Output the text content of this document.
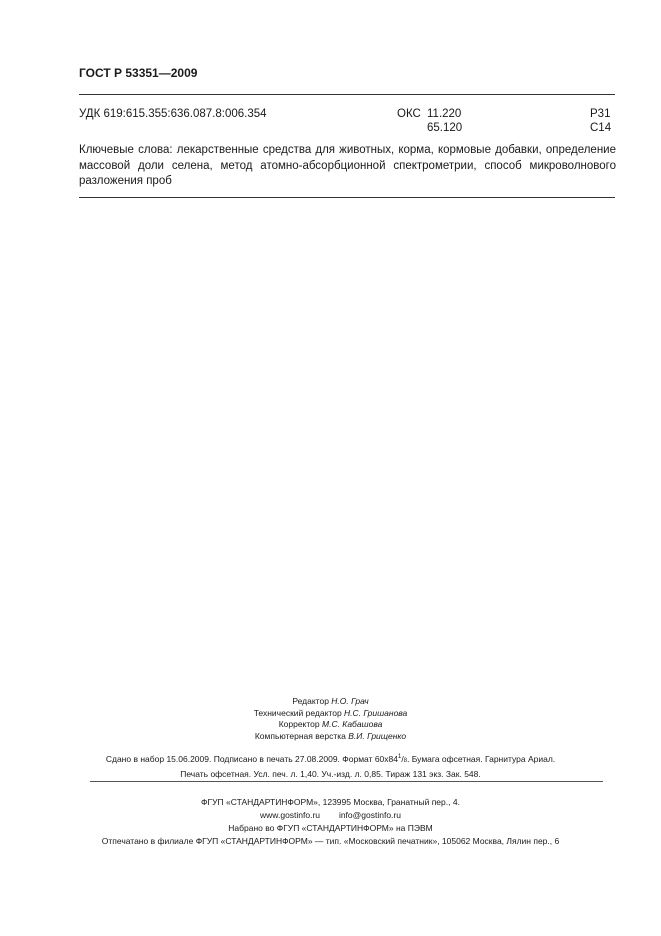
ГОСТ Р 53351—2009
УДК 619:615.355:636.087.8:006.354	ОКС 11.220
65.120
Р31
С14
Ключевые слова: лекарственные средства для животных, корма, кормовые добавки, определение массовой доли селена, метод атомно-абсорбционной спектрометрии, способ микроволнового разложения проб
Редактор Н.О. Грач
Технический редактор Н.С. Гришанова
Корректор М.С. Кабашова
Компьютерная верстка В.И. Грищенко
Сдано в набор 15.06.2009. Подписано в печать 27.08.2009. Формат $60х84^1/8$. Бумага офсетная. Гарнитура Ариал.
Печать офсетная. Усл. печ. л. 1,40. Уч.-изд. л. 0,85. Тираж 131 экз. Зак. 548.
ФГУП «СТАНДАРТИНФОРМ», 123995 Москва, Гранатный пер., 4.
www.gostinfo.ru info@gostinfo.ru
Набрано во ФГУП «СТАНДАРТИНФОРМ» на ПЭВМ
Отпечатано в филиале ФГУП «СТАНДАРТИНФОРМ» — тип. «Московский печатник», 105062 Москва, Лялин пер., 6
